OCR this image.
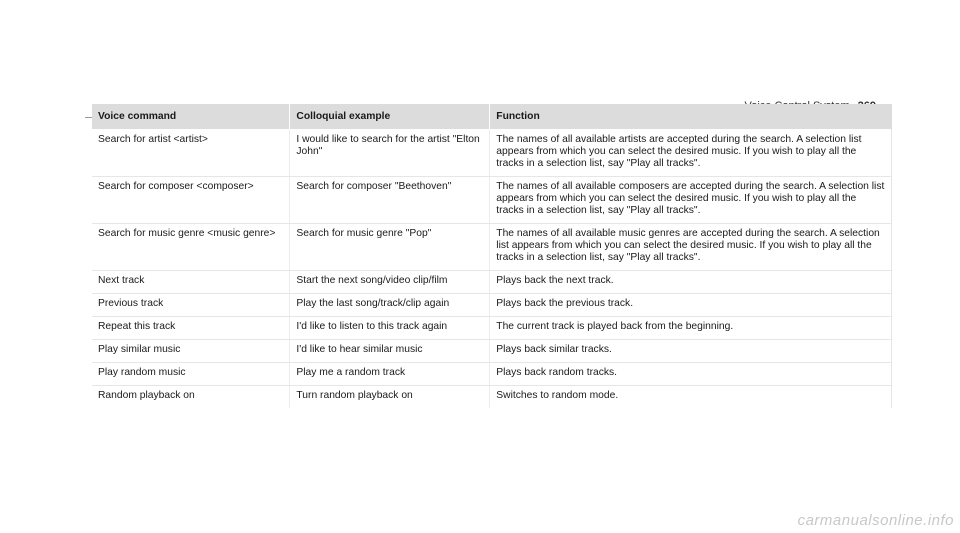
Voice command	Colloquial example	Function
Search for artist <artist>	I would like to search for the artist "Elton John"	The names of all available artists are accepted during the search. A selection list appears from which you can select the desired music. If you wish to play all the tracks in a selection list, say "Play all tracks".
Search for composer <composer>	Search for composer "Beethoven"	The names of all available composers are accepted during the search. A selection list appears from which you can select the desired music. If you wish to play all the tracks in a selection list, say "Play all tracks".
Search for music genre <music genre>	Search for music genre "Pop"	The names of all available music genres are accepted during the search. A selection list appears from which you can select the desired music. If you wish to play all the tracks in a selection list, say "Play all tracks".
Next track	Start the next song/video clip/film	Plays back the next track.
Previous track	Play the last song/track/clip again	Plays back the previous track.
Repeat this track	I'd like to listen to this track again	The current track is played back from the beginning.
Play similar music	I'd like to hear similar music	Plays back similar tracks.
Play random music	Play me a random track	Plays back random tracks.
Random playback on	Turn random playback on	Switches to random mode.
carmanualsonline.info
